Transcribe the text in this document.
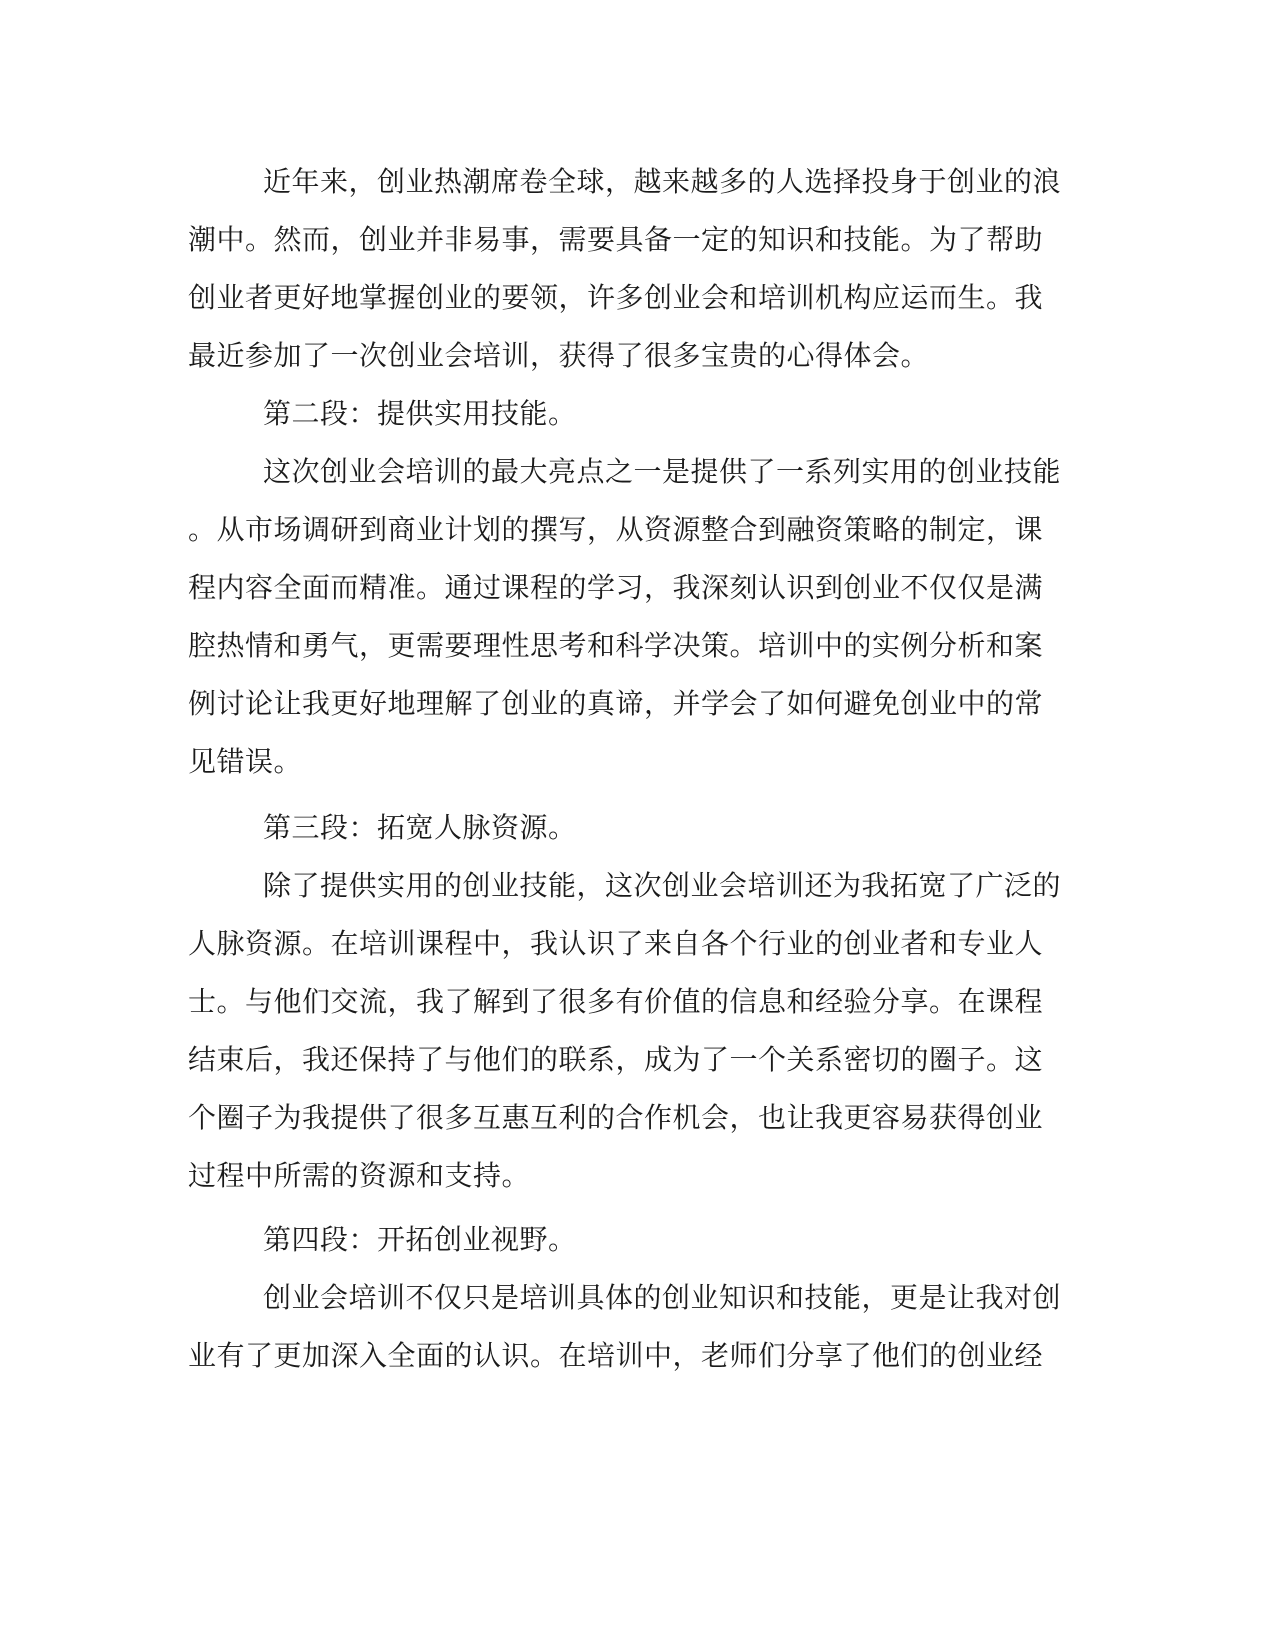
近年来，创业热潮席卷全球，越来越多的人选择投身于创业的浪

潮中。然而，创业并非易事，需要具备一定的知识和技能。为了帮助

创业者更好地掌握创业的要领，许多创业会和培训机构应运而生。我

最近参加了一次创业会培训，获得了很多宝贵的心得体会。

第二段：提供实用技能。

这次创业会培训的最大亮点之一是提供了一系列实用的创业技能

。从市场调研到商业计划的撰写，从资源整合到融资策略的制定，课

程内容全面而精准。通过课程的学习，我深刻认识到创业不仅仅是满

腔热情和勇气，更需要理性思考和科学决策。培训中的实例分析和案

例讨论让我更好地理解了创业的真谛，并学会了如何避免创业中的常

见错误。

第三段：拓宽人脉资源。

除了提供实用的创业技能，这次创业会培训还为我拓宽了广泛的

人脉资源。在培训课程中，我认识了来自各个行业的创业者和专业人

士。与他们交流，我了解到了很多有价值的信息和经验分享。在课程

结束后，我还保持了与他们的联系，成为了一个关系密切的圈子。这

个圈子为我提供了很多互惠互利的合作机会，也让我更容易获得创业

过程中所需的资源和支持。

第四段：开拓创业视野。

创业会培训不仅只是培训具体的创业知识和技能，更是让我对创

业有了更加深入全面的认识。在培训中，老师们分享了他们的创业经
